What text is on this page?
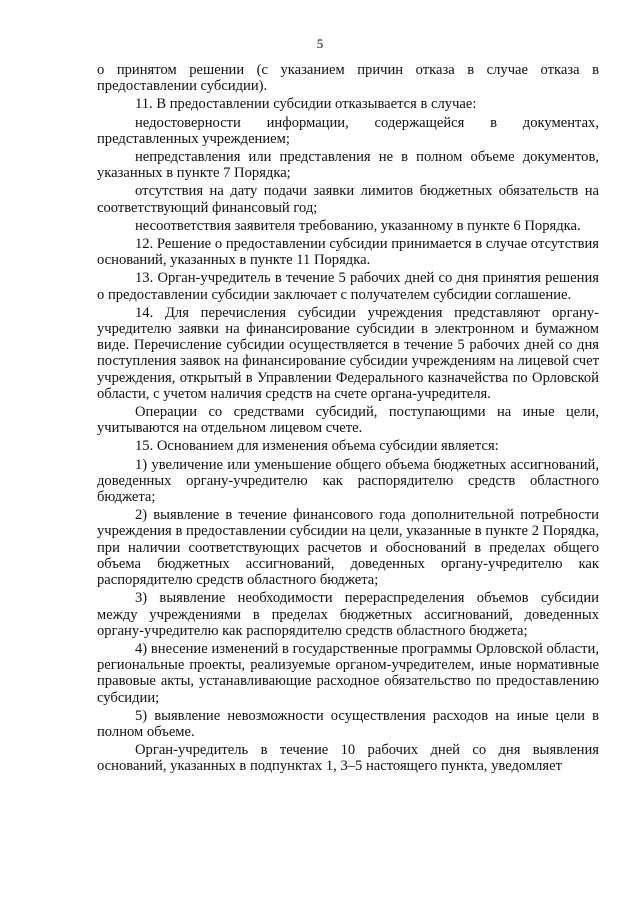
5

о принятом решении (с указанием причин отказа в случае отказа в предоставлении субсидии).

11. В предоставлении субсидии отказывается в случае:

недостоверности информации, содержащейся в документах, представленных учреждением;

непредставления или представления не в полном объеме документов, указанных в пункте 7 Порядка;

отсутствия на дату подачи заявки лимитов бюджетных обязательств на соответствующий финансовый год;

несоответствия заявителя требованию, указанному в пункте 6 Порядка.

12. Решение о предоставлении субсидии принимается в случае отсутствия оснований, указанных в пункте 11 Порядка.

13. Орган-учредитель в течение 5 рабочих дней со дня принятия решения о предоставлении субсидии заключает с получателем субсидии соглашение.

14. Для перечисления субсидии учреждения представляют органу-учредителю заявки на финансирование субсидии в электронном и бумажном виде. Перечисление субсидии осуществляется в течение 5 рабочих дней со дня поступления заявок на финансирование субсидии учреждениям на лицевой счет учреждения, открытый в Управлении Федерального казначейства по Орловской области, с учетом наличия средств на счете органа-учредителя.

Операции со средствами субсидий, поступающими на иные цели, учитываются на отдельном лицевом счете.

15. Основанием для изменения объема субсидии является:

1) увеличение или уменьшение общего объема бюджетных ассигнований, доведенных органу-учредителю как распорядителю средств областного бюджета;

2) выявление в течение финансового года дополнительной потребности учреждения в предоставлении субсидии на цели, указанные в пункте 2 Порядка, при наличии соответствующих расчетов и обоснований в пределах общего объема бюджетных ассигнований, доведенных органу-учредителю как распорядителю средств областного бюджета;

3) выявление необходимости перераспределения объемов субсидии между учреждениями в пределах бюджетных ассигнований, доведенных органу-учредителю как распорядителю средств областного бюджета;

4) внесение изменений в государственные программы Орловской области, региональные проекты, реализуемые органом-учредителем, иные нормативные правовые акты, устанавливающие расходное обязательство по предоставлению субсидии;

5) выявление невозможности осуществления расходов на иные цели в полном объеме.

Орган-учредитель в течение 10 рабочих дней со дня выявления оснований, указанных в подпунктах 1, 3–5 настоящего пункта, уведомляет
